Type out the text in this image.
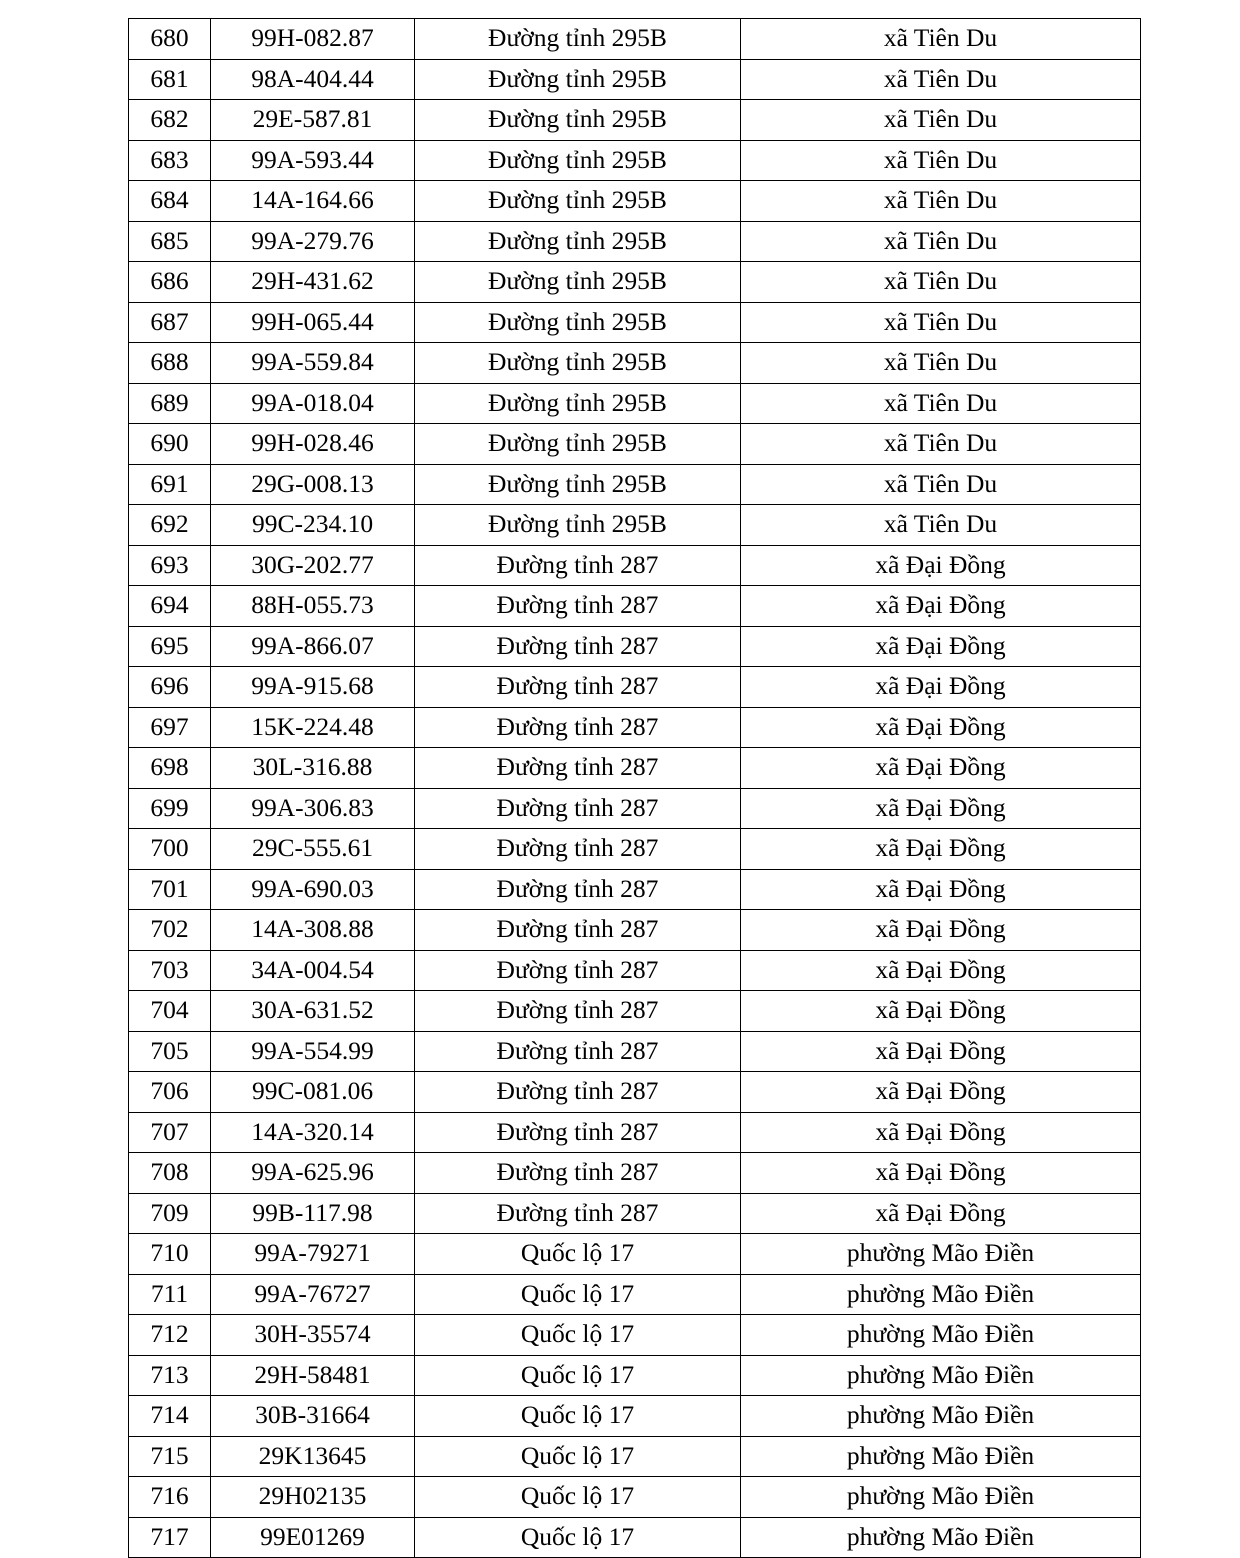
680	99H-082.87	Đường tỉnh 295B	xã Tiên Du
681	98A-404.44	Đường tỉnh 295B	xã Tiên Du
682	29E-587.81	Đường tỉnh 295B	xã Tiên Du
683	99A-593.44	Đường tỉnh 295B	xã Tiên Du
684	14A-164.66	Đường tỉnh 295B	xã Tiên Du
685	99A-279.76	Đường tỉnh 295B	xã Tiên Du
686	29H-431.62	Đường tỉnh 295B	xã Tiên Du
687	99H-065.44	Đường tỉnh 295B	xã Tiên Du
688	99A-559.84	Đường tỉnh 295B	xã Tiên Du
689	99A-018.04	Đường tỉnh 295B	xã Tiên Du
690	99H-028.46	Đường tỉnh 295B	xã Tiên Du
691	29G-008.13	Đường tỉnh 295B	xã Tiên Du
692	99C-234.10	Đường tỉnh 295B	xã Tiên Du
693	30G-202.77	Đường tỉnh 287	xã Đại Đồng
694	88H-055.73	Đường tỉnh 287	xã Đại Đồng
695	99A-866.07	Đường tỉnh 287	xã Đại Đồng
696	99A-915.68	Đường tỉnh 287	xã Đại Đồng
697	15K-224.48	Đường tỉnh 287	xã Đại Đồng
698	30L-316.88	Đường tỉnh 287	xã Đại Đồng
699	99A-306.83	Đường tỉnh 287	xã Đại Đồng
700	29C-555.61	Đường tỉnh 287	xã Đại Đồng
701	99A-690.03	Đường tỉnh 287	xã Đại Đồng
702	14A-308.88	Đường tỉnh 287	xã Đại Đồng
703	34A-004.54	Đường tỉnh 287	xã Đại Đồng
704	30A-631.52	Đường tỉnh 287	xã Đại Đồng
705	99A-554.99	Đường tỉnh 287	xã Đại Đồng
706	99C-081.06	Đường tỉnh 287	xã Đại Đồng
707	14A-320.14	Đường tỉnh 287	xã Đại Đồng
708	99A-625.96	Đường tỉnh 287	xã Đại Đồng
709	99B-117.98	Đường tỉnh 287	xã Đại Đồng
710	99A-79271	Quốc lộ 17	phường Mão Điền
711	99A-76727	Quốc lộ 17	phường Mão Điền
712	30H-35574	Quốc lộ 17	phường Mão Điền
713	29H-58481	Quốc lộ 17	phường Mão Điền
714	30B-31664	Quốc lộ 17	phường Mão Điền
715	29K13645	Quốc lộ 17	phường Mão Điền
716	29H02135	Quốc lộ 17	phường Mão Điền
717	99E01269	Quốc lộ 17	phường Mão Điền
